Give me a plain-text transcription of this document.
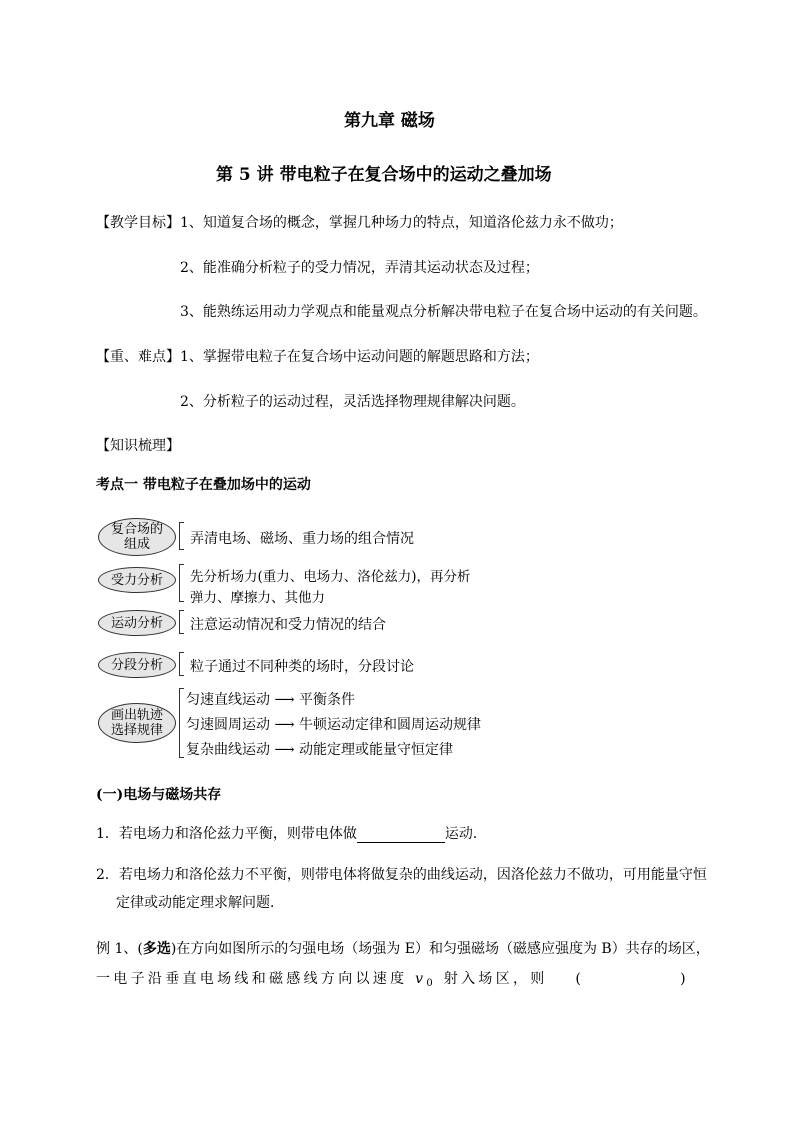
第九章 磁场
第 5 讲 带电粒子在复合场中的运动之叠加场
【教学目标】1、知道复合场的概念，掌握几种场力的特点，知道洛伦兹力永不做功；
2、能准确分析粒子的受力情况，弄清其运动状态及过程；
3、能熟练运用动力学观点和能量观点分析解决带电粒子在复合场中运动的有关问题。
【重、难点】1、掌握带电粒子在复合场中运动问题的解题思路和方法；
2、分析粒子的运动过程，灵活选择物理规律解决问题。
【知识梳理】
考点一 带电粒子在叠加场中的运动
复合场的
组成	弄清电场、磁场、重力场的组合情况
受力分析 先分析场力(重力、电场力、洛伦兹力)，再分析
弹力、摩擦力、其他力
运动分析 注意运动情况和受力情况的结合
分段分析 粒子通过不同种类的场时，分段讨论
画出轨迹
选择规律
匀速直线运动 ⟶ 平衡条件
匀速圆周运动 ⟶ 牛顿运动定律和圆周运动规律
复杂曲线运动 ⟶ 动能定理或能量守恒定律
(一)电场与磁场共存
1．若电场力和洛伦兹力平衡，则带电体做	运动．
2．若电场力和洛伦兹力不平衡，则带电体将做复杂的曲线运动，因洛伦兹力不做功，可用能量守恒
定律或动能定理求解问题．
例 1、(多选)在方向如图所示的匀强电场（场强为 E）和匀强磁场（磁感应强度为 B）共存的场区，
一电子沿垂直电场线和磁感线方向以速度 $v_0$ 射入场区，则 (	)
